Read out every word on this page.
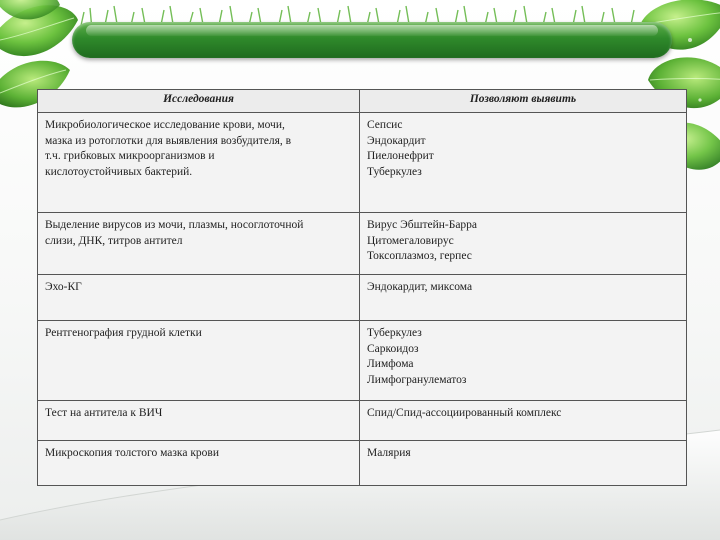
Исследования	Позволяют выявить

Микробиологическое исследование крови, мочи,
мазка из ротоглотки для выявления возбудителя, в
т.ч. грибковых микроорганизмов и
кислотоустойчивых бактерий.	Сепсис
Эндокардит
Пиелонефрит
Туберкулез

Выделение вирусов из мочи, плазмы, носоглоточной
слизи, ДНК, титров антител	Вирус Эбштейн-Барра
Цитомегаловирус
Токсоплазмоз, герпес

Эхо-КГ	Эндокардит, миксома

Рентгенография грудной клетки	Туберкулез
Саркоидоз
Лимфома
Лимфогранулематоз

Тест на антитела к ВИЧ	Спид/Спид-ассоциированный комплекс

Микроскопия толстого мазка крови	Малярия
